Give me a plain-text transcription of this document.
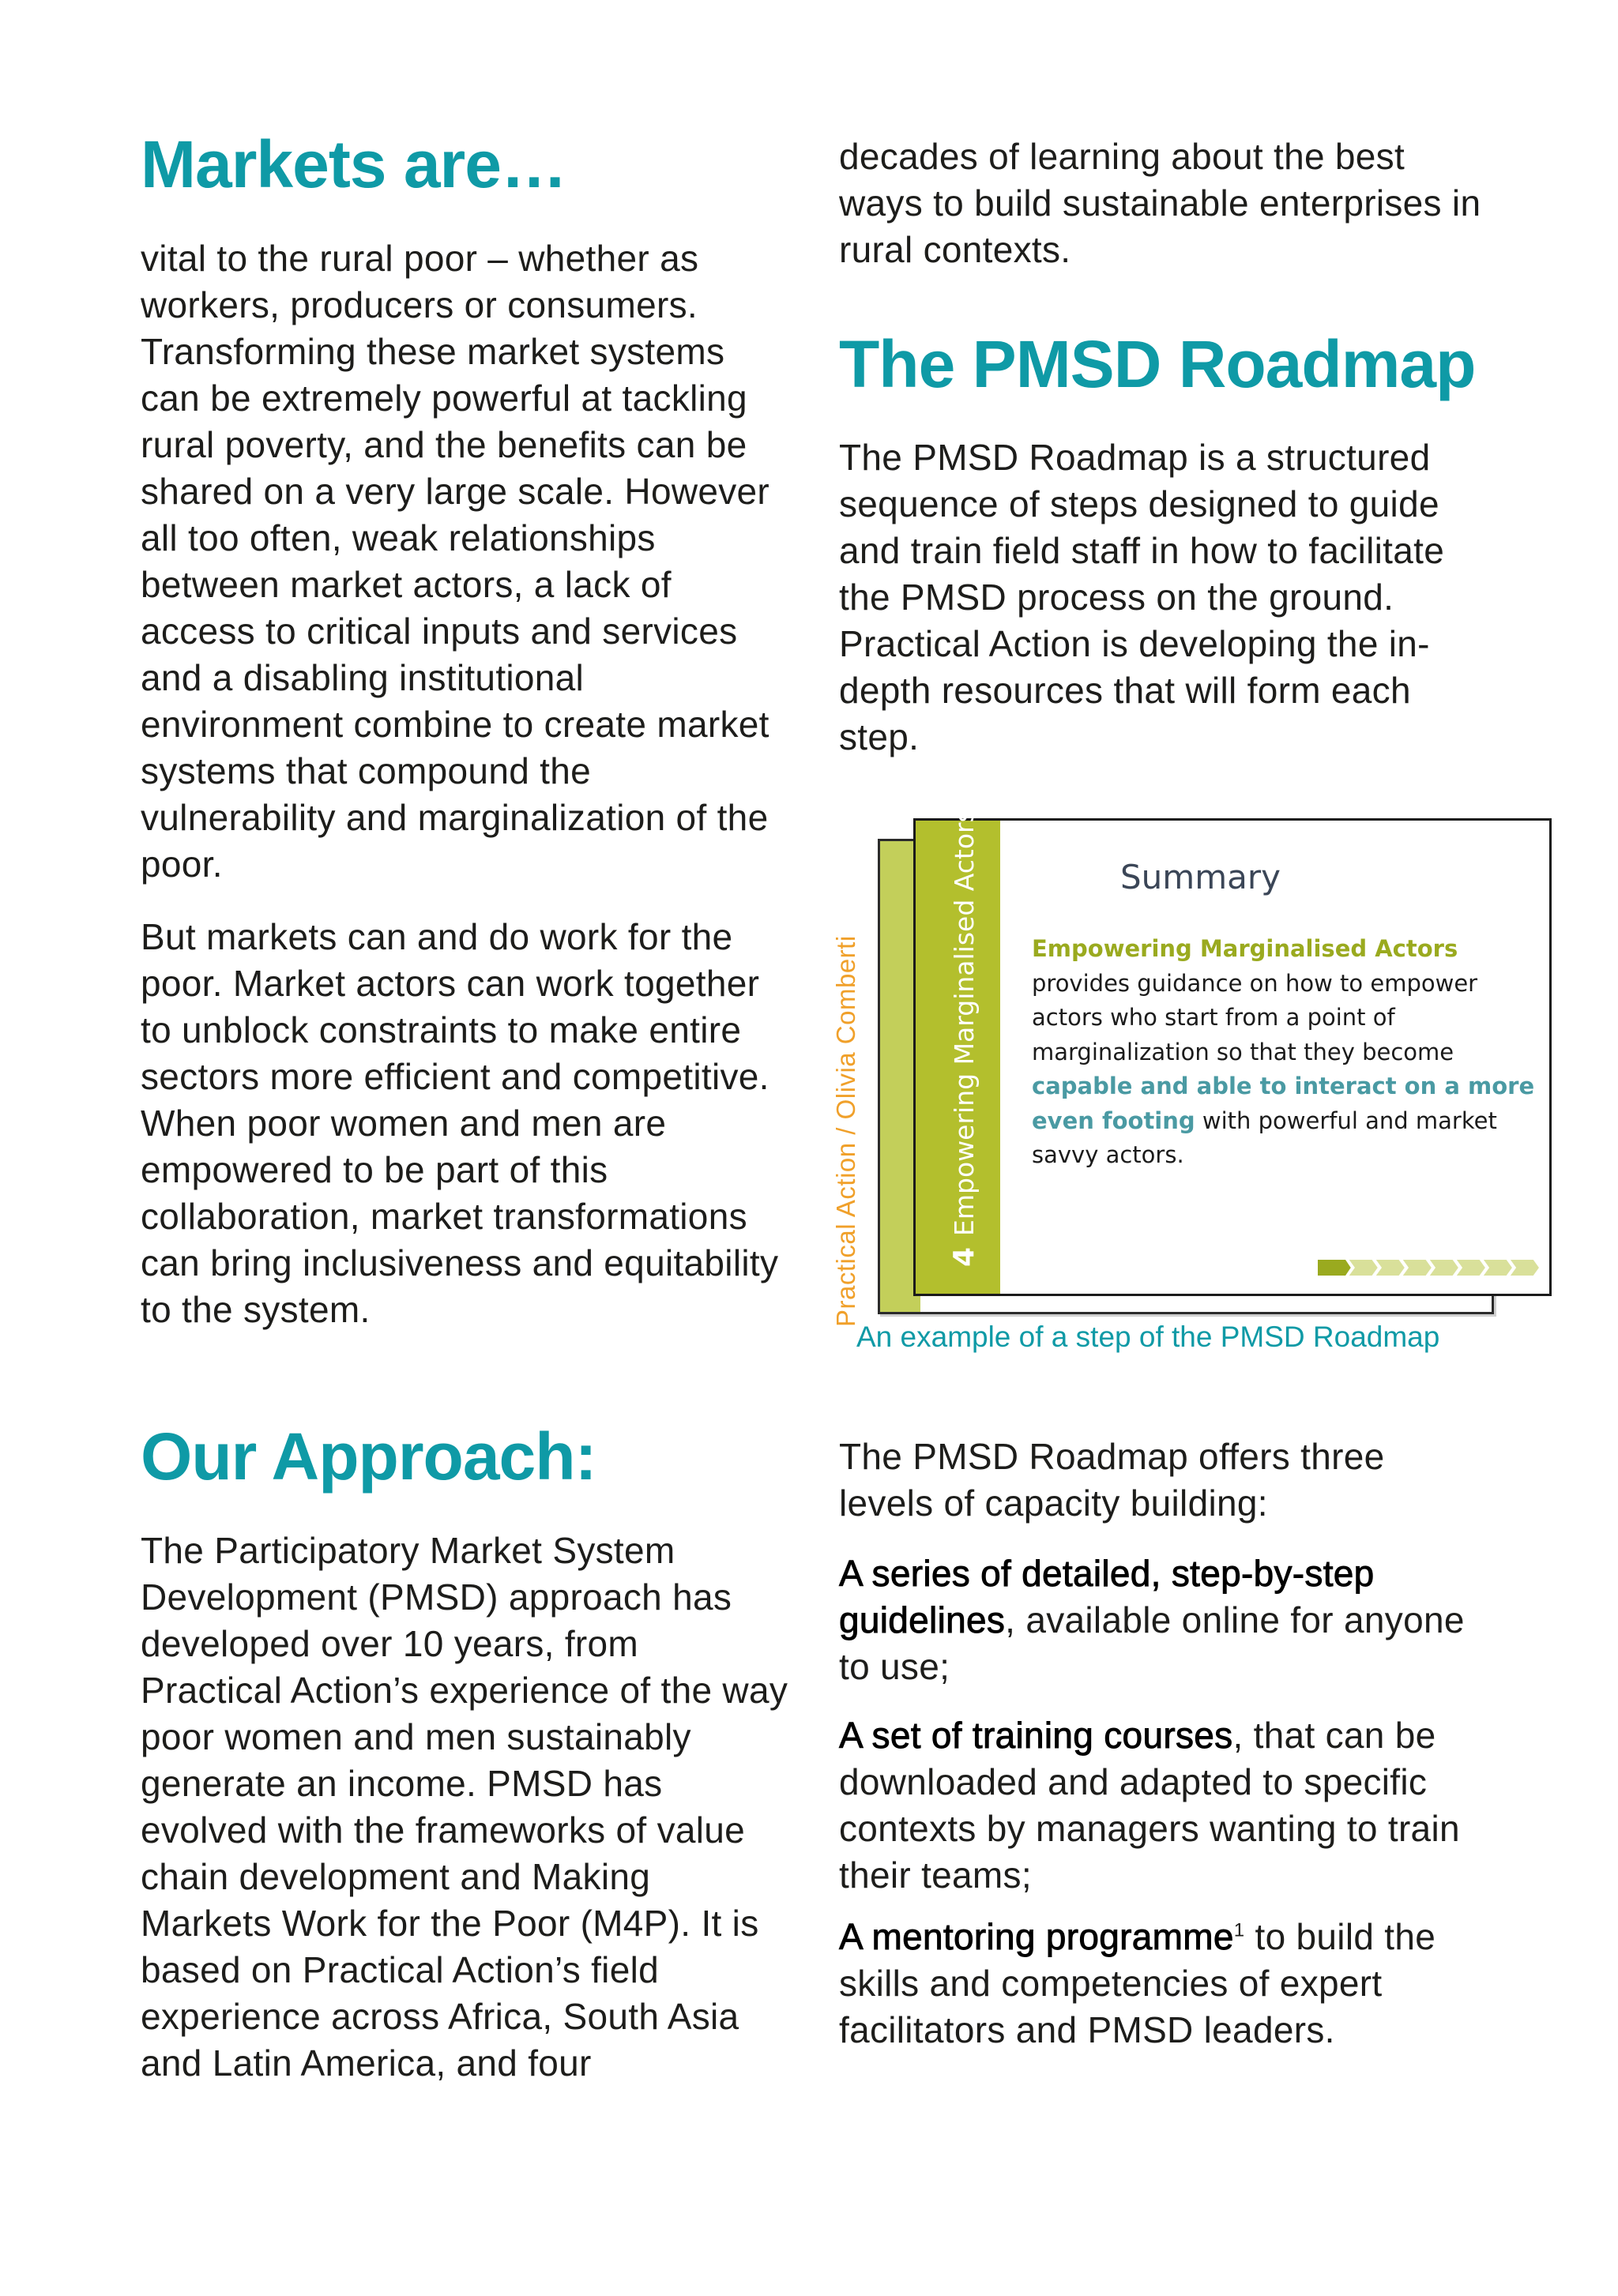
Markets are…

vital to the rural poor – whether as workers, producers or consumers. Transforming these market systems can be extremely powerful at tackling rural poverty, and the benefits can be shared on a very large scale. However all too often, weak relationships between market actors, a lack of access to critical inputs and services and a disabling institutional environment combine to create market systems that compound the vulnerability and marginalization of the poor.

But markets can and do work for the poor. Market actors can work together to unblock constraints to make entire sectors more efficient and competitive. When poor women and men are empowered to be part of this collaboration, market transformations can bring inclusiveness and equitability to the system.

Our Approach:

The Participatory Market System Development (PMSD) approach has developed over 10 years, from Practical Action’s experience of the way poor women and men sustainably generate an income. PMSD has evolved with the frameworks of value chain development and Making Markets Work for the Poor (M4P). It is based on Practical Action’s field experience across Africa, South Asia and Latin America, and four

decades of learning about the best ways to build sustainable enterprises in rural contexts.

The PMSD Roadmap

The PMSD Roadmap is a structured sequence of steps designed to guide and train field staff in how to facilitate the PMSD process on the ground. Practical Action is developing the in-depth resources that will form each step.

4Empowering Marginalised Actors	Summary
Empowering Marginalised Actors
provides guidance on how to empower actors who start from a point of marginalization so that they become capable and able to interact on a more even footing with powerful and market savvy actors.
Practical Action / Olivia Comberti
An example of a step of the PMSD Roadmap

The PMSD Roadmap offers three levels of capacity building:

A series of detailed, step-by-step guidelines, available online for anyone to use;

A set of training courses, that can be downloaded and adapted to specific contexts by managers wanting to train their teams;

A mentoring programme$^1$ to build the skills and competencies of expert facilitators and PMSD leaders.
